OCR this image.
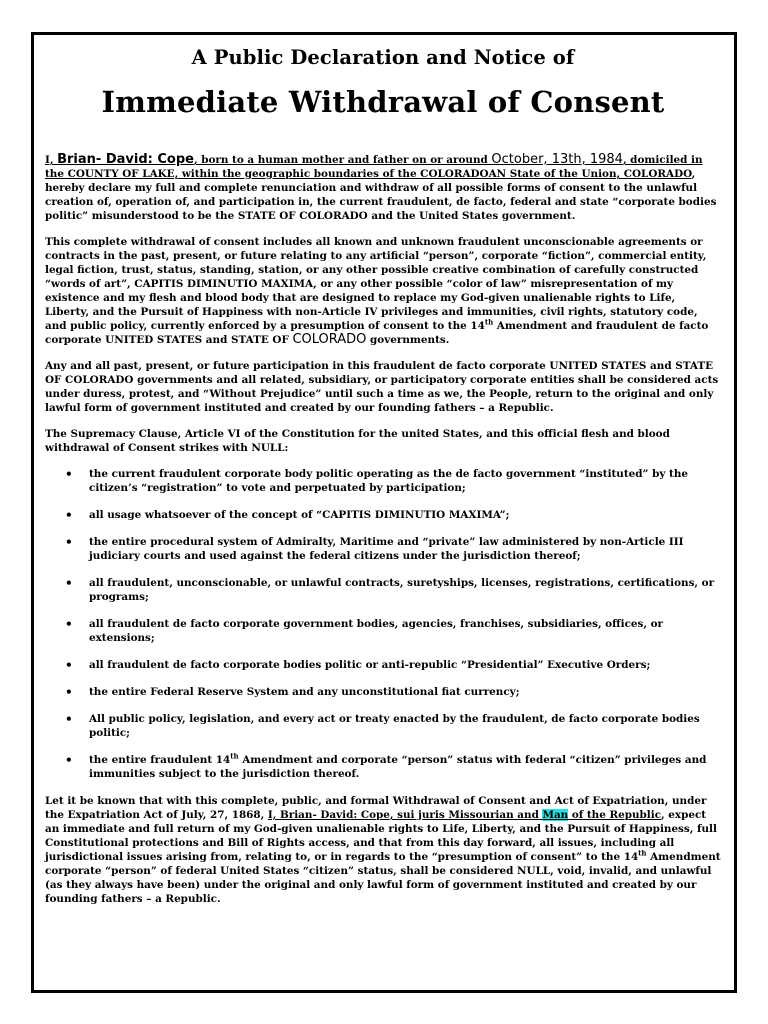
A Public Declaration and Notice of
Immediate Withdrawal of Consent

I, Brian- David: Cope, born to a human mother and father on or around October, 13th, 1984, domiciled in the COUNTY OF LAKE, within the geographic boundaries of the COLORADOAN State of the Union, COLORADO, hereby declare my full and complete renunciation and withdraw of all possible forms of consent to the unlawful creation of, operation of, and participation in, the current fraudulent, de facto, federal and state “corporate bodies politic” misunderstood to be the STATE OF COLORADO and the United States government.

This complete withdrawal of consent includes all known and unknown fraudulent unconscionable agreements or contracts in the past, present, or future relating to any artificial “person”, corporate “fiction”, commercial entity, legal fiction, trust, status, standing, station, or any other possible creative combination of carefully constructed “words of art”, CAPITIS DIMINUTIO MAXIMA, or any other possible “color of law” misrepresentation of my existence and my flesh and blood body that are designed to replace my God-given unalienable rights to Life, Liberty, and the Pursuit of Happiness with non-Article IV privileges and immunities, civil rights, statutory code, and public policy, currently enforced by a presumption of consent to the 14th Amendment and fraudulent de facto corporate UNITED STATES and STATE OF COLORADO governments.

Any and all past, present, or future participation in this fraudulent de facto corporate UNITED STATES and STATE OF COLORADO governments and all related, subsidiary, or participatory corporate entities shall be considered acts under duress, protest, and “Without Prejudice” until such a time as we, the People, return to the original and only lawful form of government instituted and created by our founding fathers – a Republic.

The Supremacy Clause, Article VI of the Constitution for the united States, and this official flesh and blood withdrawal of Consent strikes with NULL:

• the current fraudulent corporate body politic operating as the de facto government “instituted” by the citizen’s “registration” to vote and perpetuated by participation;
• all usage whatsoever of the concept of “CAPITIS DIMINUTIO MAXIMA”;
• the entire procedural system of Admiralty, Maritime and “private” law administered by non-Article III judiciary courts and used against the federal citizens under the jurisdiction thereof;
• all fraudulent, unconscionable, or unlawful contracts, suretyships, licenses, registrations, certifications, or programs;
• all fraudulent de facto corporate government bodies, agencies, franchises, subsidiaries, offices, or extensions;
• all fraudulent de facto corporate bodies politic or anti-republic “Presidential” Executive Orders;
• the entire Federal Reserve System and any unconstitutional fiat currency;
• All public policy, legislation, and every act or treaty enacted by the fraudulent, de facto corporate bodies politic;
• the entire fraudulent 14th Amendment and corporate “person” status with federal “citizen” privileges and immunities subject to the jurisdiction thereof.

Let it be known that with this complete, public, and formal Withdrawal of Consent and Act of Expatriation, under the Expatriation Act of July, 27, 1868, I, Brian- David: Cope, sui juris Missourian and Man of the Republic, expect an immediate and full return of my God-given unalienable rights to Life, Liberty, and the Pursuit of Happiness, full Constitutional protections and Bill of Rights access, and that from this day forward, all issues, including all jurisdictional issues arising from, relating to, or in regards to the “presumption of consent” to the 14th Amendment corporate “person” of federal United States “citizen” status, shall be considered NULL, void, invalid, and unlawful (as they always have been) under the original and only lawful form of government instituted and created by our founding fathers – a Republic.
